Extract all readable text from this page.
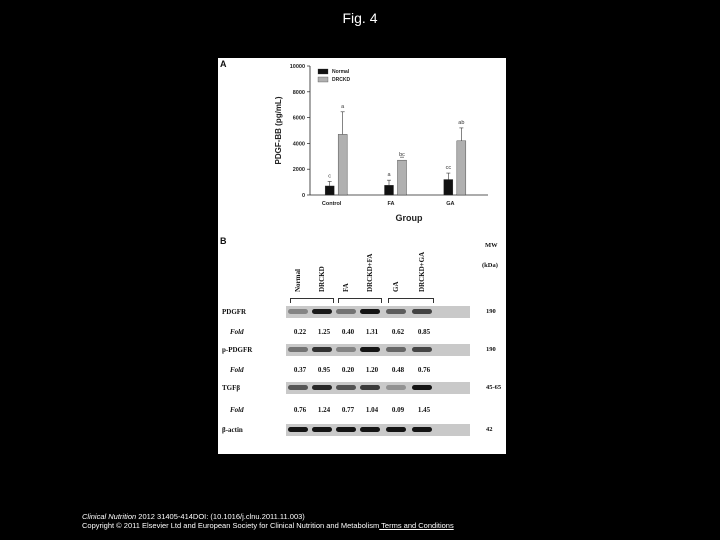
Fig. 4
A	10000
8000
6000
4000
2000
0
PDGF-BB (pg/mL)
Group
c
a
Control
a
bc
FA
cc
ab
GA
Normal
DRCKD
B
Normal DRCKD FA DRCKD+FA	GA	DRCKD+GA
MW
(kDa)
PDGFR	190
Fold	0.22	1.25	0.40	1.31	0.62	0.85
p-PDGFR	190
Fold	0.37	0.95	0.20	1.20	0.48	0.76
TGFβ	45-65
Fold	0.76	1.24	0.77	1.04	0.09	1.45
β-actin	42
Clinical Nutrition 2012 31405-414DOI: (10.1016/j.clnu.2011.11.003)
Copyright © 2011 Elsevier Ltd and European Society for Clinical Nutrition and Metabolism Terms and Conditions
